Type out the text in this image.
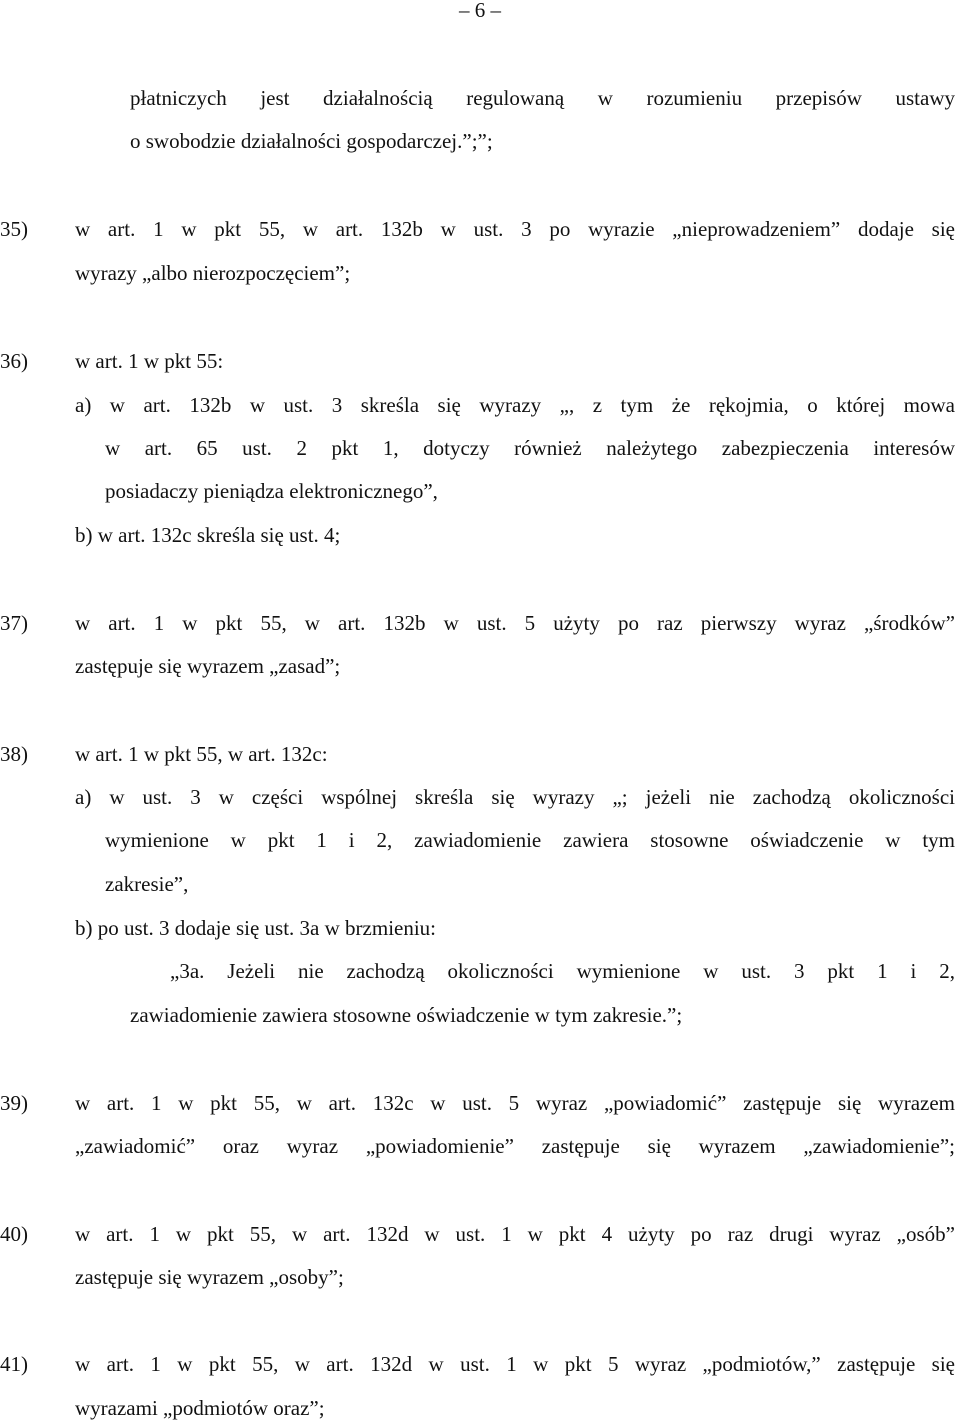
– 6 –
płatniczych jest działalnością regulowaną w rozumieniu przepisów ustawy
o swobodzie działalności gospodarczej.”;”;
35) w art. 1 w pkt 55, w art. 132b w ust. 3 po wyrazie „nieprowadzeniem” dodaje się
wyrazy „albo nierozpoczęciem”;
36) w art. 1 w pkt 55:
a) w art. 132b w ust. 3 skreśla się wyrazy „, z tym że rękojmia, o której mowa
w art. 65 ust. 2 pkt 1, dotyczy również należytego zabezpieczenia interesów
posiadaczy pieniądza elektronicznego”,
b) w art. 132c skreśla się ust. 4;
37) w art. 1 w pkt 55, w art. 132b w ust. 5 użyty po raz pierwszy wyraz „środków”
zastępuje się wyrazem „zasad”;
38) w art. 1 w pkt 55, w art. 132c:
a) w ust. 3 w części wspólnej skreśla się wyrazy „; jeżeli nie zachodzą okoliczności
wymienione w pkt 1 i 2, zawiadomienie zawiera stosowne oświadczenie w tym
zakresie”,
b) po ust. 3 dodaje się ust. 3a w brzmieniu:
„3a. Jeżeli nie zachodzą okoliczności wymienione w ust. 3 pkt 1 i 2,
zawiadomienie zawiera stosowne oświadczenie w tym zakresie.”;
39) w art. 1 w pkt 55, w art. 132c w ust. 5 wyraz „powiadomić” zastępuje się wyrazem
„zawiadomić” oraz wyraz „powiadomienie” zastępuje się wyrazem „zawiadomienie”;
40) w art. 1 w pkt 55, w art. 132d w ust. 1 w pkt 4 użyty po raz drugi wyraz „osób”
zastępuje się wyrazem „osoby”;
41) w art. 1 w pkt 55, w art. 132d w ust. 1 w pkt 5 wyraz „podmiotów,” zastępuje się
wyrazami „podmiotów oraz”;
